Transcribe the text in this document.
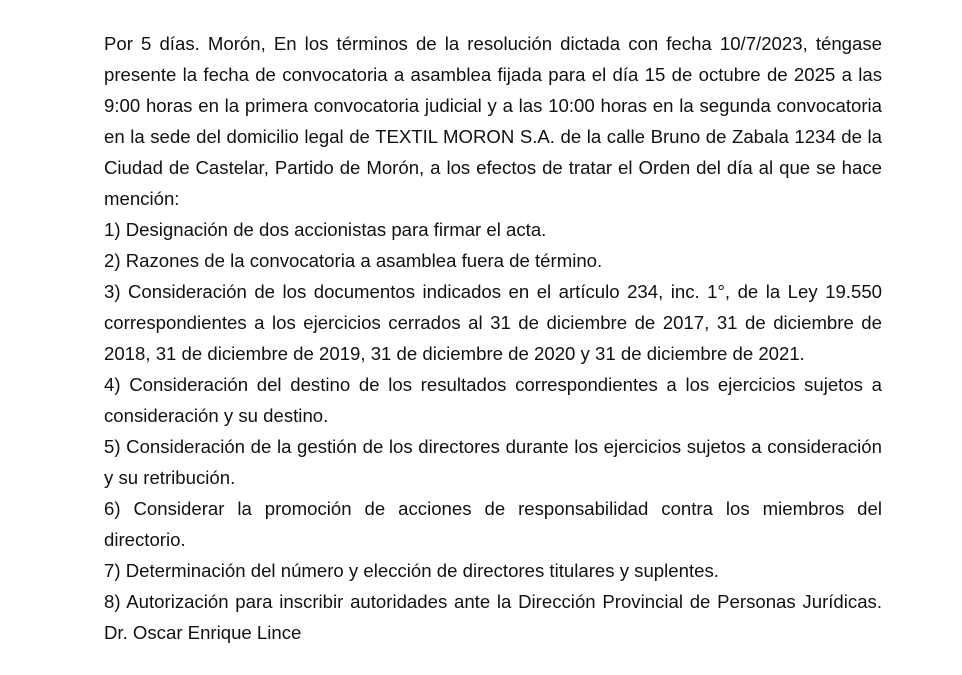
Por 5 días. Morón, En los términos de la resolución dictada con fecha 10/7/2023, téngase presente la fecha de convocatoria a asamblea fijada para el día 15 de octubre de 2025 a las 9:00 horas en la primera convocatoria judicial y a las 10:00 horas en la segunda convocatoria en la sede del domicilio legal de TEXTIL MORON S.A. de la calle Bruno de Zabala 1234 de la Ciudad de Castelar, Partido de Morón, a los efectos de tratar el Orden del día al que se hace mención:

1) Designación de dos accionistas para firmar el acta.

2) Razones de la convocatoria a asamblea fuera de término.

3) Consideración de los documentos indicados en el artículo 234, inc. 1°, de la Ley 19.550 correspondientes a los ejercicios cerrados al 31 de diciembre de 2017, 31 de diciembre de 2018, 31 de diciembre de 2019, 31 de diciembre de 2020 y 31 de diciembre de 2021.

4) Consideración del destino de los resultados correspondientes a los ejercicios sujetos a consideración y su destino.

5) Consideración de la gestión de los directores durante los ejercicios sujetos a consideración y su retribución.

6) Considerar la promoción de acciones de responsabilidad contra los miembros del directorio.

7) Determinación del número y elección de directores titulares y suplentes.

8) Autorización para inscribir autoridades ante la Dirección Provincial de Personas Jurídicas. Dr. Oscar Enrique Lince
